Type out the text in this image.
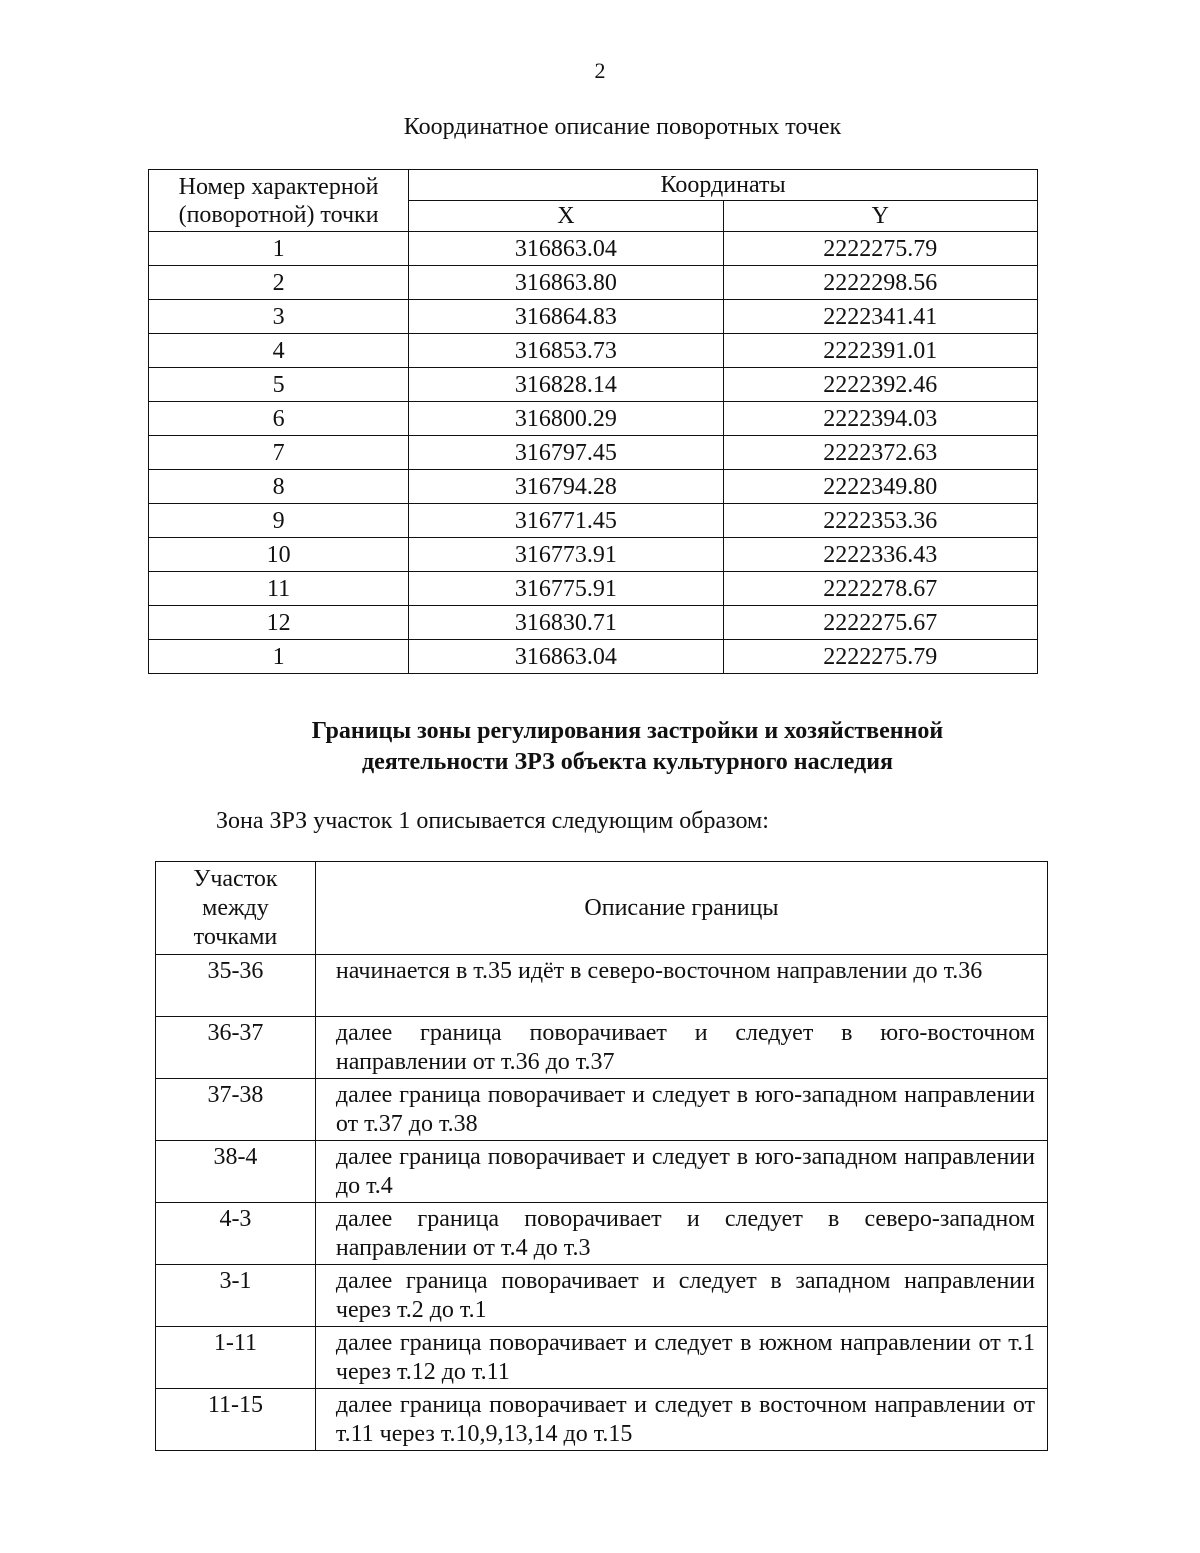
2
Координатное описание поворотных точек
Номер характерной
(поворотной) точки	Координаты	
	X	Y
1	316863.04	2222275.79
2	316863.80	2222298.56
3	316864.83	2222341.41
4	316853.73	2222391.01
5	316828.14	2222392.46
6	316800.29	2222394.03
7	316797.45	2222372.63
8	316794.28	2222349.80
9	316771.45	2222353.36
10	316773.91	2222336.43
11	316775.91	2222278.67
12	316830.71	2222275.67
1	316863.04	2222275.79
Границы зоны регулирования застройки и хозяйственной
деятельности ЗРЗ объекта культурного наследия
Зона ЗРЗ участок 1 описывается следующим образом:
Участок
между
точками	Описание границы
35-36	начинается в т.35 идёт в северо-восточном направлении до т.36
36-37	далее граница поворачивает и следует в юго-восточном направлении от т.36 до т.37
37-38	далее граница поворачивает и следует в юго-западном направлении от т.37 до т.38
38-4	далее граница поворачивает и следует в юго-западном направлении до т.4
4-3	далее граница поворачивает и следует в северо-западном направлении от т.4 до т.3
3-1	далее граница поворачивает и следует в западном направлении через т.2 до т.1
1-11	далее граница поворачивает и следует в южном направлении от т.1 через т.12 до т.11
11-15	далее граница поворачивает и следует в восточном направлении от т.11 через т.10,9,13,14 до т.15
